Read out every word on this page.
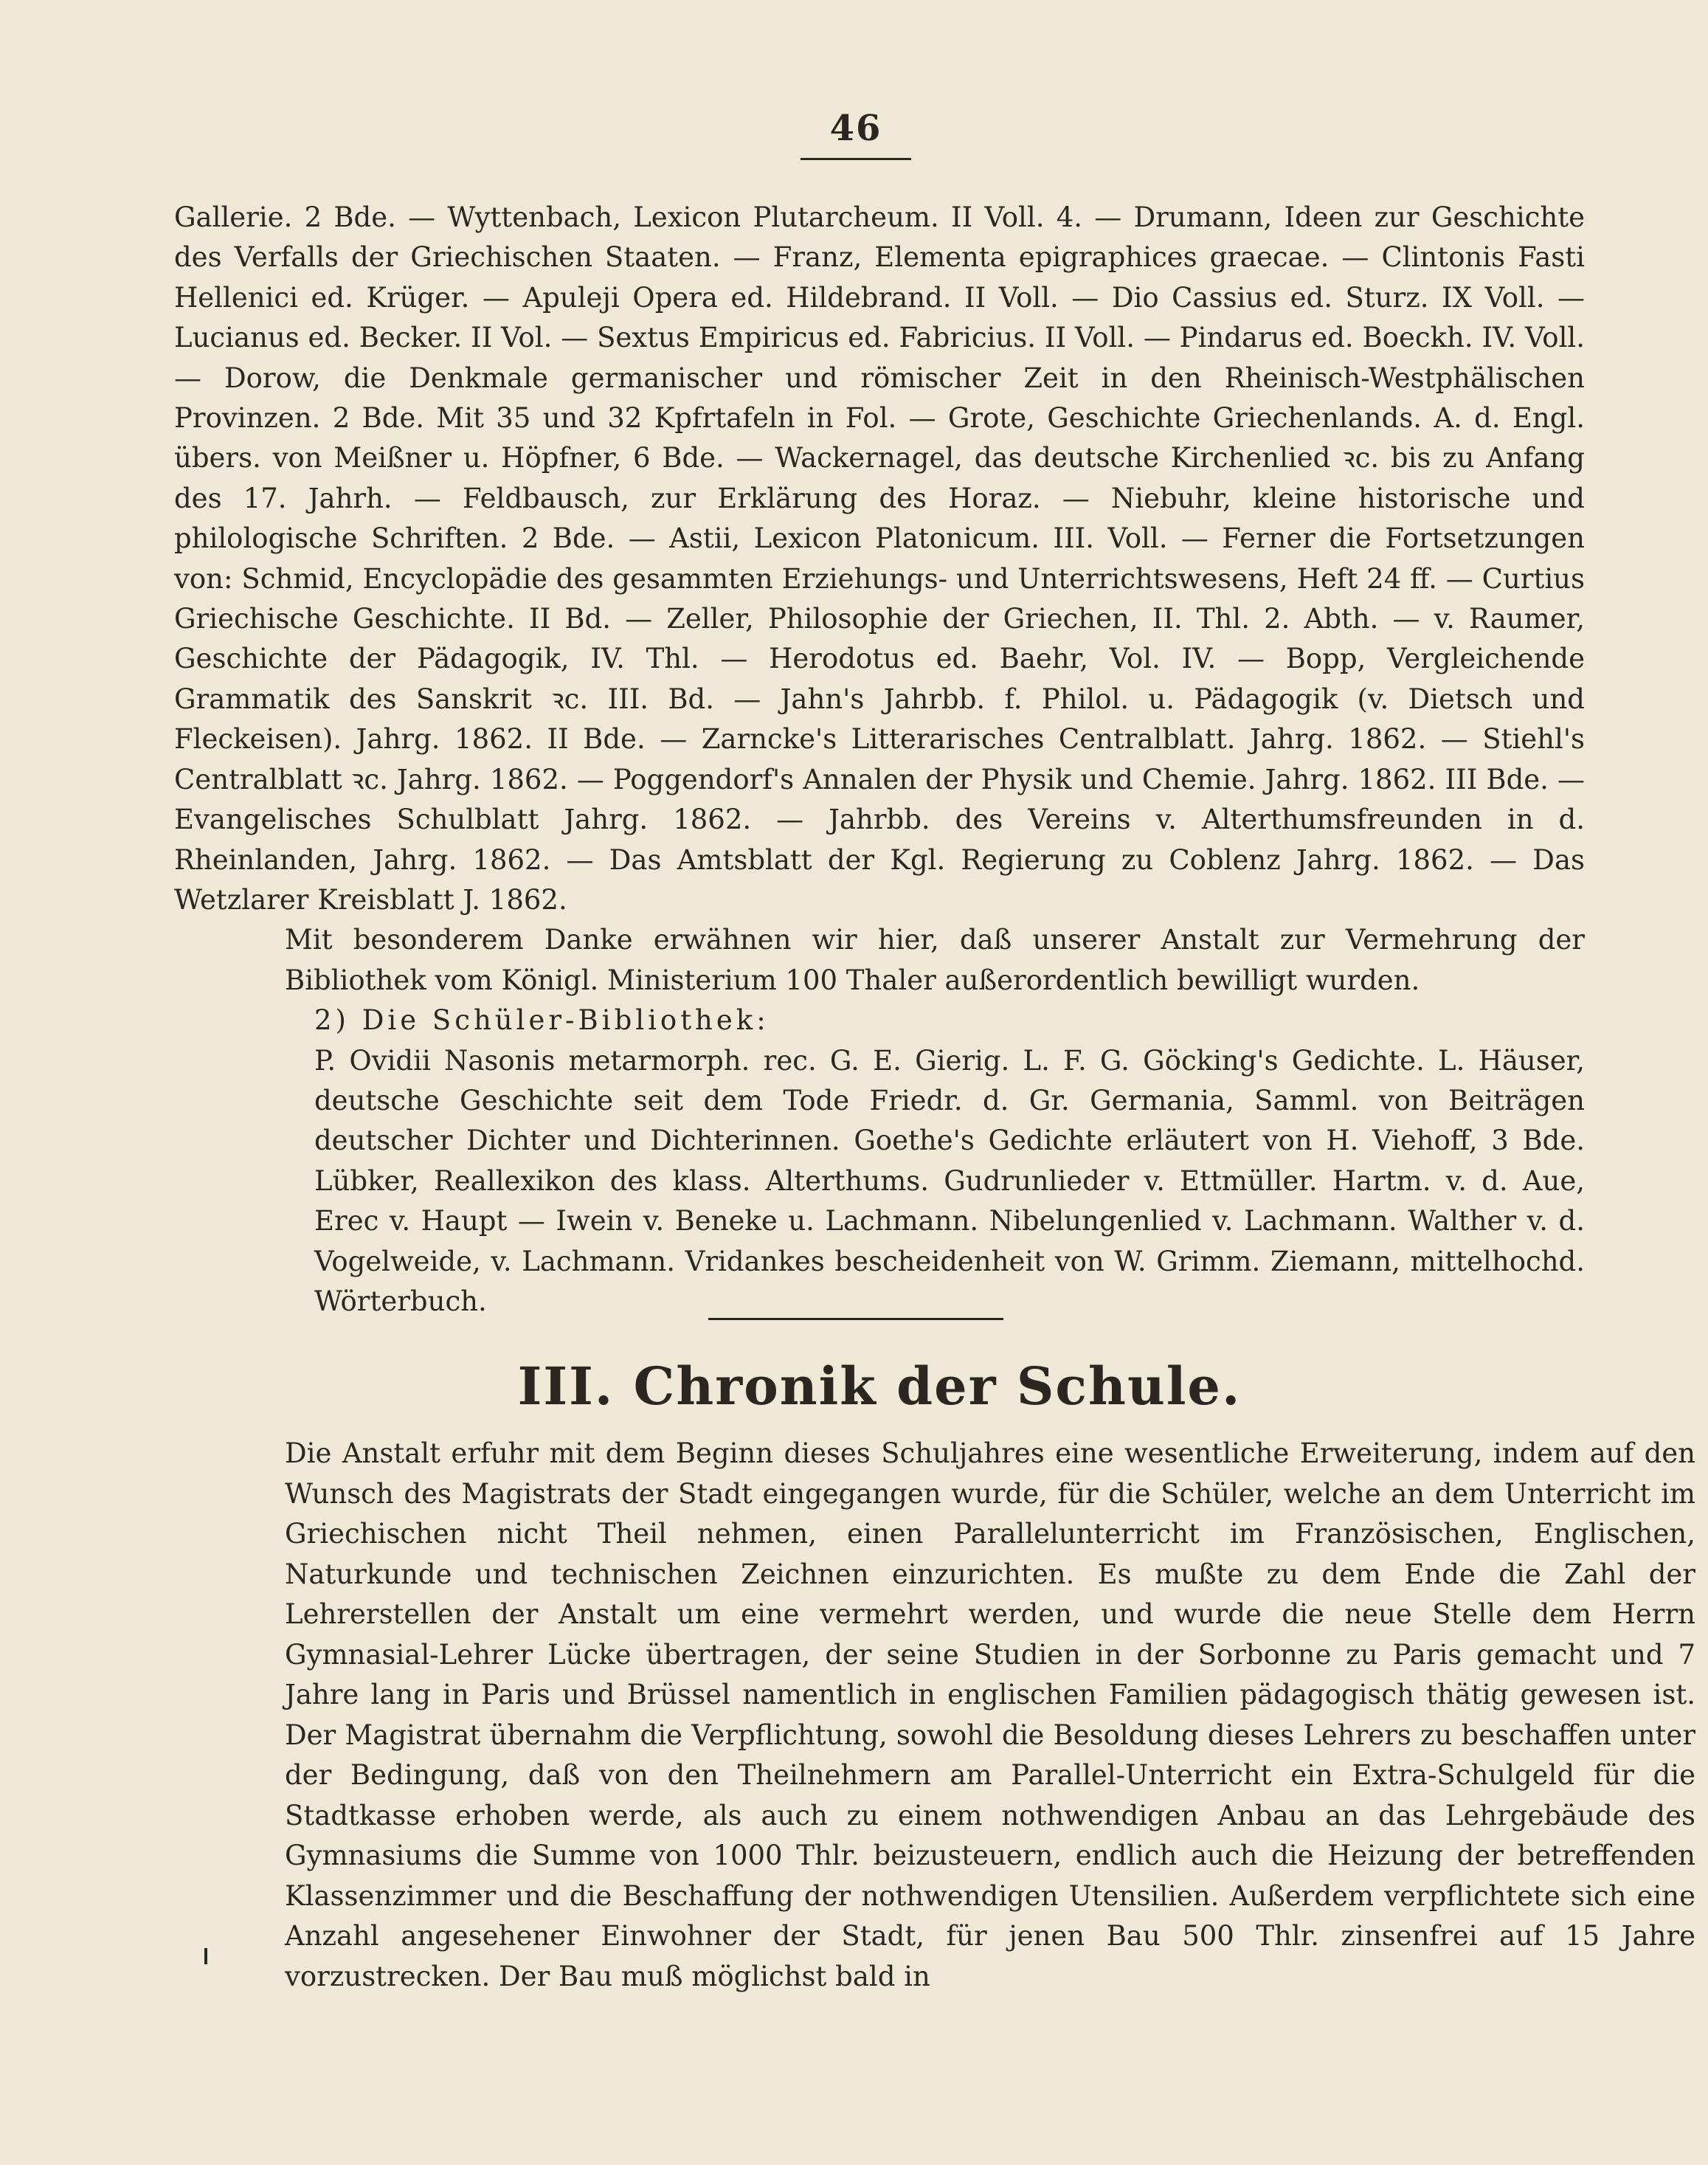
46

Gallerie. 2 Bde. — Wyttenbach, Lexicon Plutarcheum. II Voll. 4. — Drumann, Ideen zur Geschichte des Verfalls der Griechischen Staaten. — Franz, Elementa epigraphices graecae. — Clintonis Fasti Hellenici ed. Krüger. — Apuleji Opera ed. Hildebrand. II Voll. — Dio Cassius ed. Sturz. IX Voll. — Lucianus ed. Becker. II Vol. — Sextus Empiricus ed. Fabricius. II Voll. — Pindarus ed. Boeckh. IV. Voll. — Dorow, die Denkmale germanischer und römischer Zeit in den Rheinisch-Westphälischen Provinzen. 2 Bde. Mit 35 und 32 Kpfrtafeln in Fol. — Grote, Geschichte Griechenlands. A. d. Engl. übers. von Meißner u. Höpfner, 6 Bde. — Wackernagel, das deutsche Kirchenlied ꝛc. bis zu Anfang des 17. Jahrh. — Feldbausch, zur Erklärung des Horaz. — Niebuhr, kleine historische und philologische Schriften. 2 Bde. — Astii, Lexicon Platonicum. III. Voll. — Ferner die Fortsetzungen von: Schmid, Encyclopädie des gesammten Erziehungs- und Unterrichtswesens, Heft 24 ff. — Curtius Griechische Geschichte. II Bd. — Zeller, Philosophie der Griechen, II. Thl. 2. Abth. — v. Raumer, Geschichte der Pädagogik, IV. Thl. — Herodotus ed. Baehr, Vol. IV. — Bopp, Vergleichende Grammatik des Sanskrit ꝛc. III. Bd. — Jahn's Jahrbb. f. Philol. u. Pädagogik (v. Dietsch und Fleckeisen). Jahrg. 1862. II Bde. — Zarncke's Litterarisches Centralblatt. Jahrg. 1862. — Stiehl's Centralblatt ꝛc. Jahrg. 1862. — Poggendorf's Annalen der Physik und Chemie. Jahrg. 1862. III Bde. — Evangelisches Schulblatt Jahrg. 1862. — Jahrbb. des Vereins v. Alterthumsfreunden in d. Rheinlanden, Jahrg. 1862. — Das Amtsblatt der Kgl. Regierung zu Coblenz Jahrg. 1862. — Das Wetzlarer Kreisblatt J. 1862.

Mit besonderem Danke erwähnen wir hier, daß unserer Anstalt zur Vermehrung der Bibliothek vom Königl. Ministerium 100 Thaler außerordentlich bewilligt wurden.

2) Die Schüler-Bibliothek:

P. Ovidii Nasonis metarmorph. rec. G. E. Gierig. L. F. G. Göcking's Gedichte. L. Häuser, deutsche Geschichte seit dem Tode Friedr. d. Gr. Germania, Samml. von Beiträgen deutscher Dichter und Dichterinnen. Goethe's Gedichte erläutert von H. Viehoff, 3 Bde. Lübker, Reallexikon des klass. Alterthums. Gudrunlieder v. Ettmüller. Hartm. v. d. Aue, Erec v. Haupt — Iwein v. Beneke u. Lachmann. Nibelungenlied v. Lachmann. Walther v. d. Vogelweide, v. Lachmann. Vridankes bescheidenheit von W. Grimm. Ziemann, mittelhochd. Wörterbuch.

III. Chronik der Schule.

Die Anstalt erfuhr mit dem Beginn dieses Schuljahres eine wesentliche Erweiterung, indem auf den Wunsch des Magistrats der Stadt eingegangen wurde, für die Schüler, welche an dem Unterricht im Griechischen nicht Theil nehmen, einen Parallelunterricht im Französischen, Englischen, Naturkunde und technischen Zeichnen einzurichten. Es mußte zu dem Ende die Zahl der Lehrerstellen der Anstalt um eine vermehrt werden, und wurde die neue Stelle dem Herrn Gymnasial-Lehrer Lücke übertragen, der seine Studien in der Sorbonne zu Paris gemacht und 7 Jahre lang in Paris und Brüssel namentlich in englischen Familien pädagogisch thätig gewesen ist. Der Magistrat übernahm die Verpflichtung, sowohl die Besoldung dieses Lehrers zu beschaffen unter der Bedingung, daß von den Theilnehmern am Parallel-Unterricht ein Extra-Schulgeld für die Stadtkasse erhoben werde, als auch zu einem nothwendigen Anbau an das Lehrgebäude des Gymnasiums die Summe von 1000 Thlr. beizusteuern, endlich auch die Heizung der betreffenden Klassenzimmer und die Beschaffung der nothwendigen Utensilien. Außerdem verpflichtete sich eine Anzahl angesehener Einwohner der Stadt, für jenen Bau 500 Thlr. zinsenfrei auf 15 Jahre vorzustrecken. Der Bau muß möglichst bald in
